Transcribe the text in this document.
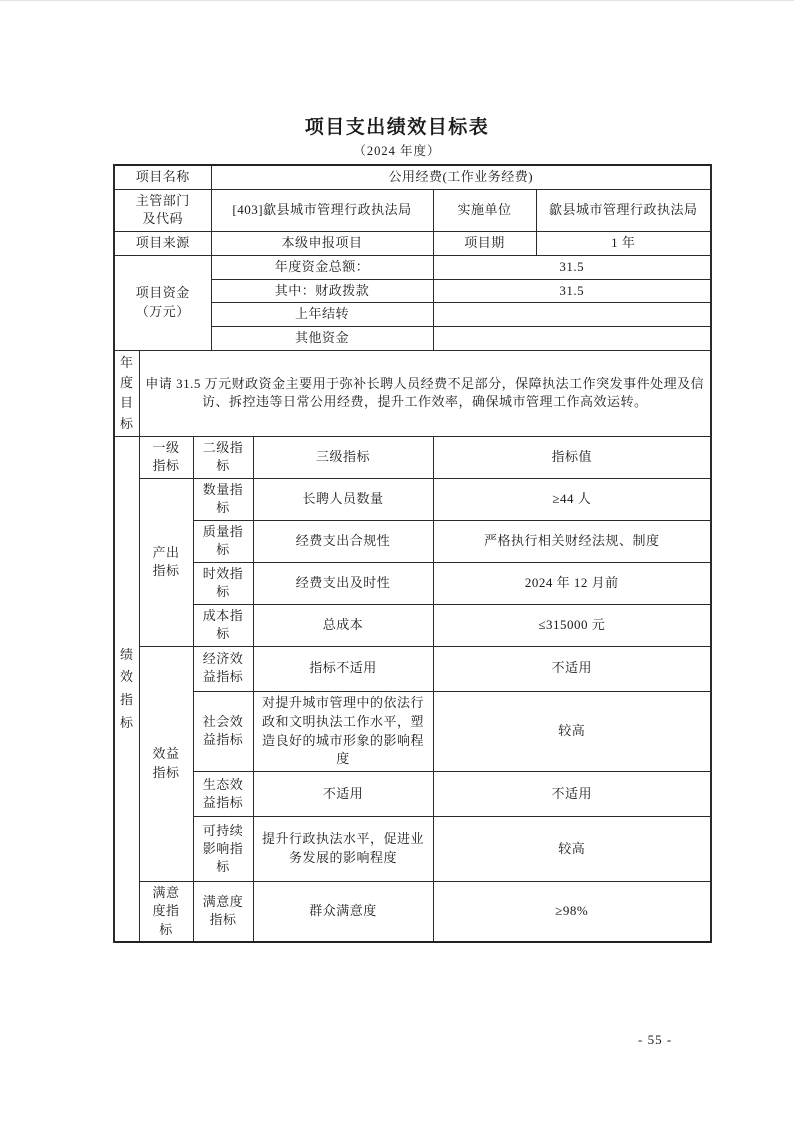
项目支出绩效目标表
（2024 年度）
项目名称			公用经费(工作业务经费)			
主管部门及代码			[403]歙县城市管理行政执法局		实施单位	歙县城市管理行政执法局
项目来源			本级申报项目		项目期	1 年
项目资金（万元）			年度资金总额：		31.5	
			其中：财政拨款		31.5	
			上年结转			
			其他资金			
年度目标	申请 31.5 万元财政资金主要用于弥补长聘人员经费不足部分，保障执法工作突发事件处理及信访、拆控违等日常公用经费，提升工作效率，确保城市管理工作高效运转。					
绩效指标	一级指标	二级指标		三级指标	指标值	
	产出指标	数量指标		长聘人员数量	≥44 人	
		质量指标		经费支出合规性	严格执行相关财经法规、制度	
		时效指标		经费支出及时性	2024 年 12 月前	
		成本指标		总成本	≤315000 元	
	效益指标	经济效益指标		指标不适用	不适用	
		社会效益指标		对提升城市管理中的依法行政和文明执法工作水平，塑造良好的城市形象的影响程度	较高	
		生态效益指标		不适用	不适用	
		可持续影响指标		提升行政执法水平，促进业务发展的影响程度	较高	
	满意度指标	满意度指标		群众满意度	≥98%	
- 55 -
